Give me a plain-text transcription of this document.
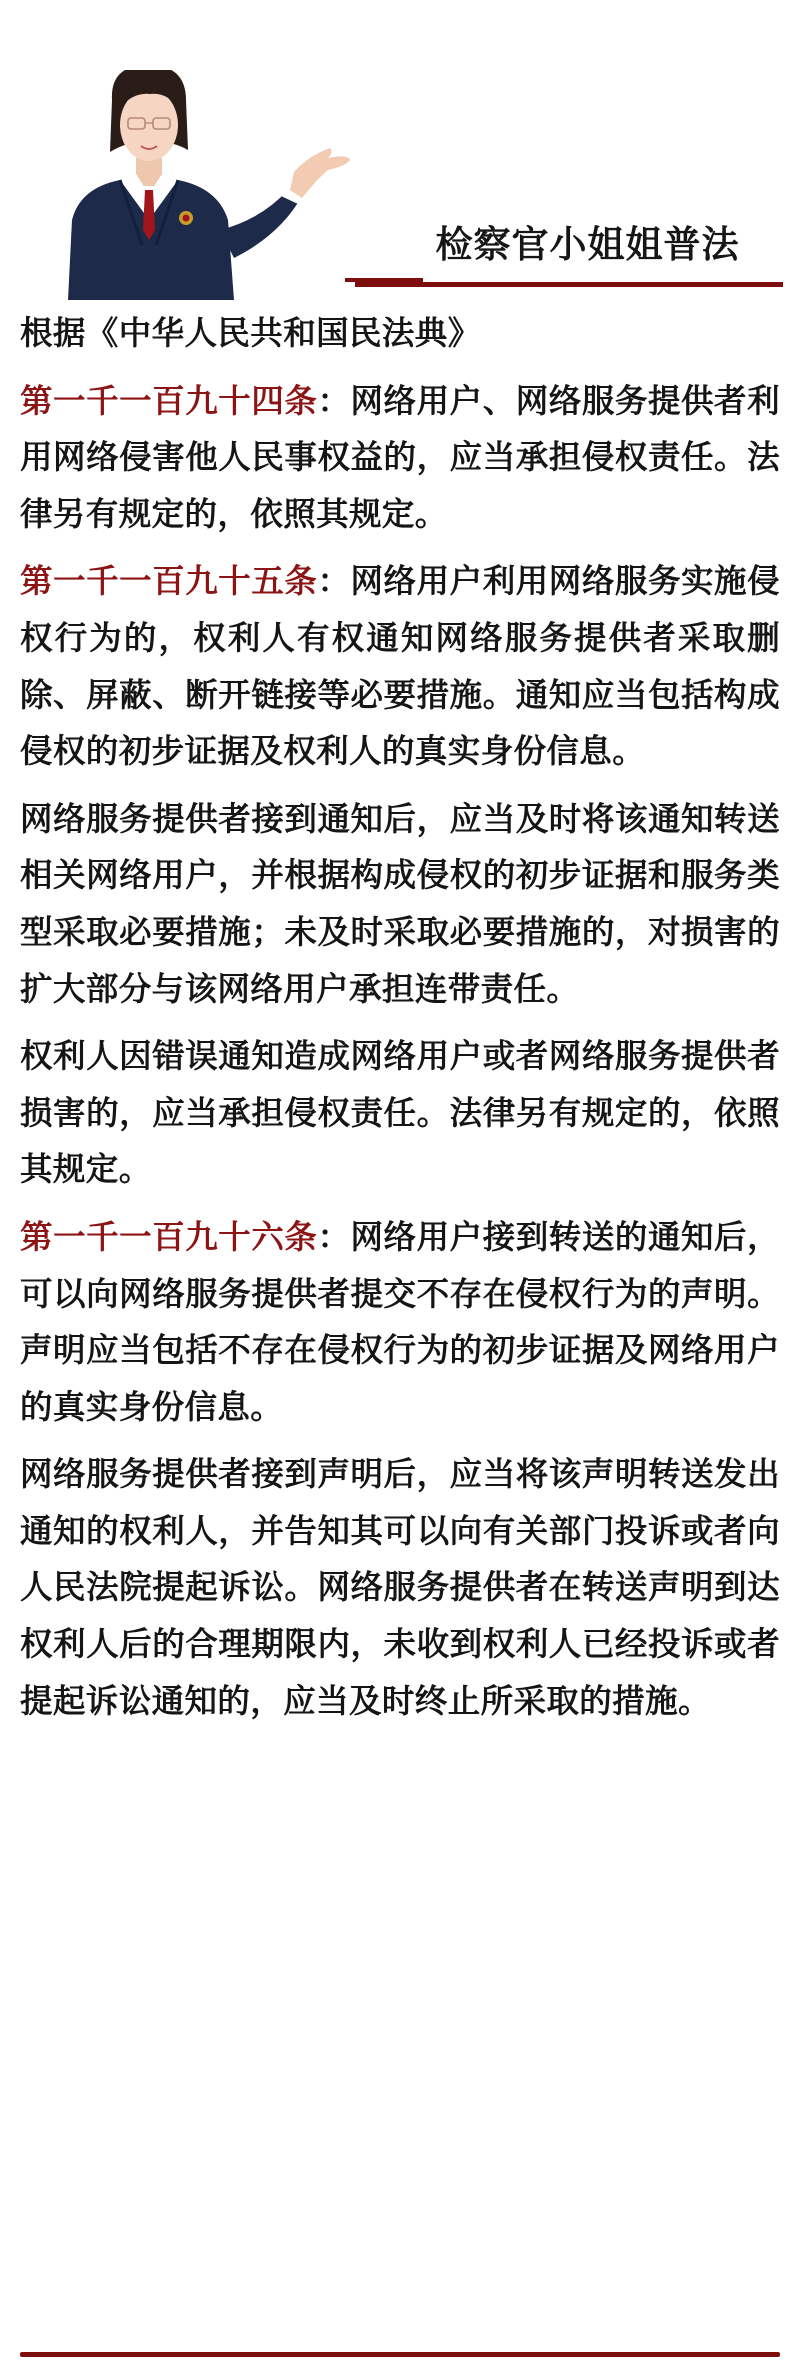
检察官小姐姐普法

根据《中华人民共和国民法典》

第一千一百九十四条：网络用户、网络服务提供者利用网络侵害他人民事权益的，应当承担侵权责任。法律另有规定的，依照其规定。

第一千一百九十五条：网络用户利用网络服务实施侵权行为的，权利人有权通知网络服务提供者采取删除、屏蔽、断开链接等必要措施。通知应当包括构成侵权的初步证据及权利人的真实身份信息。

网络服务提供者接到通知后，应当及时将该通知转送相关网络用户，并根据构成侵权的初步证据和服务类型采取必要措施；未及时采取必要措施的，对损害的扩大部分与该网络用户承担连带责任。

权利人因错误通知造成网络用户或者网络服务提供者损害的，应当承担侵权责任。法律另有规定的，依照其规定。

第一千一百九十六条：网络用户接到转送的通知后，可以向网络服务提供者提交不存在侵权行为的声明。声明应当包括不存在侵权行为的初步证据及网络用户的真实身份信息。

网络服务提供者接到声明后，应当将该声明转送发出通知的权利人，并告知其可以向有关部门投诉或者向人民法院提起诉讼。网络服务提供者在转送声明到达权利人后的合理期限内，未收到权利人已经投诉或者提起诉讼通知的，应当及时终止所采取的措施。
